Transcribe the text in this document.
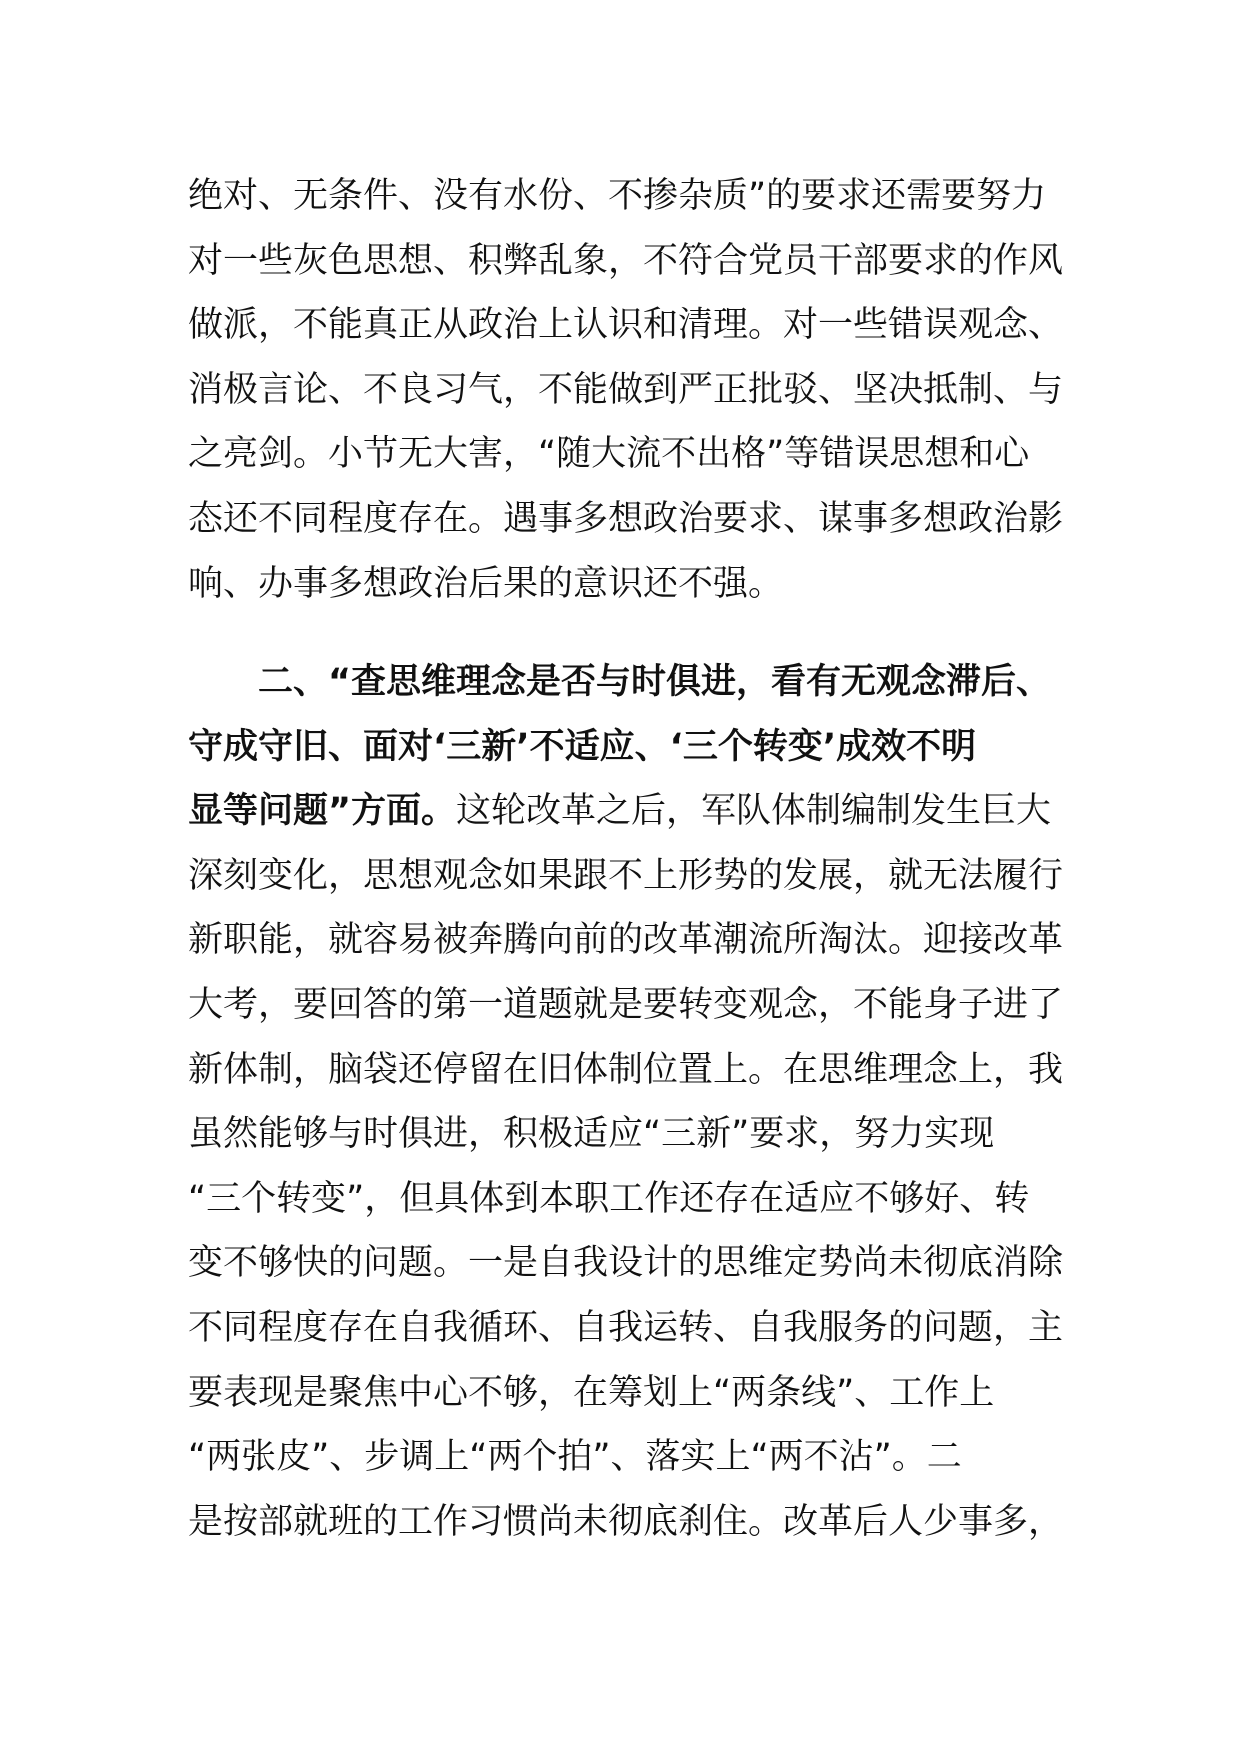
绝对、无条件、没有水份、不掺杂质”的要求还需要努力
对一些灰色思想、积弊乱象，不符合党员干部要求的作风
做派，不能真正从政治上认识和清理。对一些错误观念、
消极言论、不良习气，不能做到严正批驳、坚决抵制、与
之亮剑。小节无大害，“随大流不出格”等错误思想和心
态还不同程度存在。遇事多想政治要求、谋事多想政治影
响、办事多想政治后果的意识还不强。
二、“查思维理念是否与时俱进，看有无观念滞后、
守成守旧、面对‘三新’不适应、‘三个转变’成效不明
显等问题”方面。这轮改革之后，军队体制编制发生巨大
深刻变化，思想观念如果跟不上形势的发展，就无法履行
新职能，就容易被奔腾向前的改革潮流所淘汰。迎接改革
大考，要回答的第一道题就是要转变观念，不能身子进了
新体制，脑袋还停留在旧体制位置上。在思维理念上，我
虽然能够与时俱进，积极适应“三新”要求，努力实现
“三个转变”，但具体到本职工作还存在适应不够好、转
变不够快的问题。一是自我设计的思维定势尚未彻底消除
不同程度存在自我循环、自我运转、自我服务的问题，主
要表现是聚焦中心不够，在筹划上“两条线”、工作上
“两张皮”、步调上“两个拍”、落实上“两不沾”。二
是按部就班的工作习惯尚未彻底刹住。改革后人少事多，
